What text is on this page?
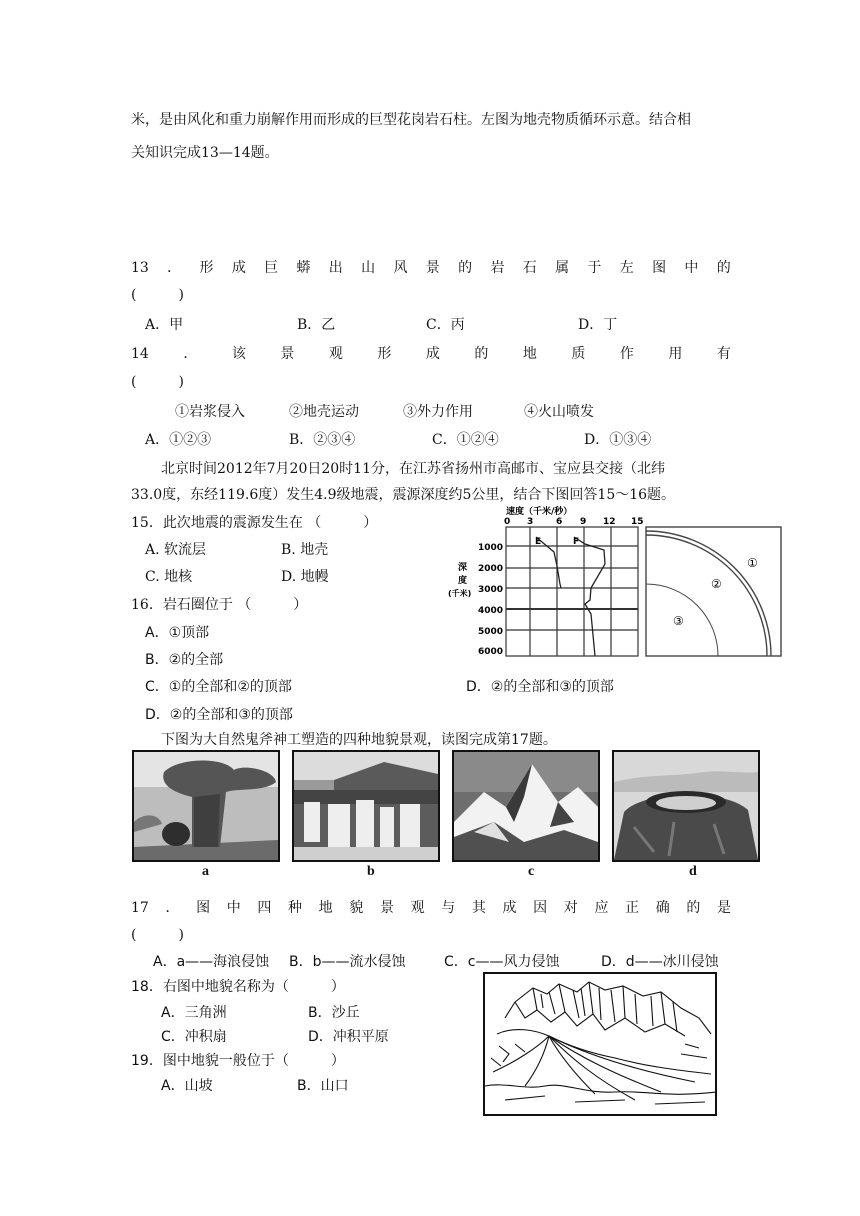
米，是由风化和重力崩解作用而形成的巨型花岗岩石柱。左图为地壳物质循环示意。结合相
关知识完成13—14题。
13 ． 形 成 巨 蟒 出 山 风 景 的 岩 石 属 于 左 图 中 的
(　　　)
A．甲	B．乙	C．丙	D．丁
14 ． 该 景 观 形 成 的 地 质 作 用 有
(　　　)
①岩浆侵入	②地壳运动	③外力作用	④火山喷发
A．①②③	B．②③④	C．①②④	D．①③④
北京时间2012年7月20日20时11分，在江苏省扬州市高邮市、宝应县交接（北纬
33.0度，东经119.6度）发生4.9级地震，震源深度约5公里，结合下图回答15～16题。
15．此次地震的震源发生在 （　　　）
A. 软流层	B. 地壳
C. 地核	D. 地幔
16．岩石圈位于 （　　　）
A．①顶部
B．②的全部
C．①的全部和②的顶部	D．②的全部和③的顶部
D．②的全部和③的顶部
速度（千米/秒）
0 3	6 9 12 15
1000
2000
3000
4000
5000
6000
深
度
(千米)
E	F
①
②
③
下图为大自然鬼斧神工塑造的四种地貌景观，读图完成第17题。
a	b	c	d
17 ． 图 中 四 种 地 貌 景 观 与 其 成 因 对 应 正 确 的 是
(　　　)
A．a——海浪侵蚀 B．b——流水侵蚀	C．c——风力侵蚀	D．d——冰川侵蚀
18．右图中地貌名称为（　　　）
A．三角洲	B．沙丘
C．冲积扇	D．冲积平原
19．图中地貌一般位于（　　　）
A．山坡	B．山口
